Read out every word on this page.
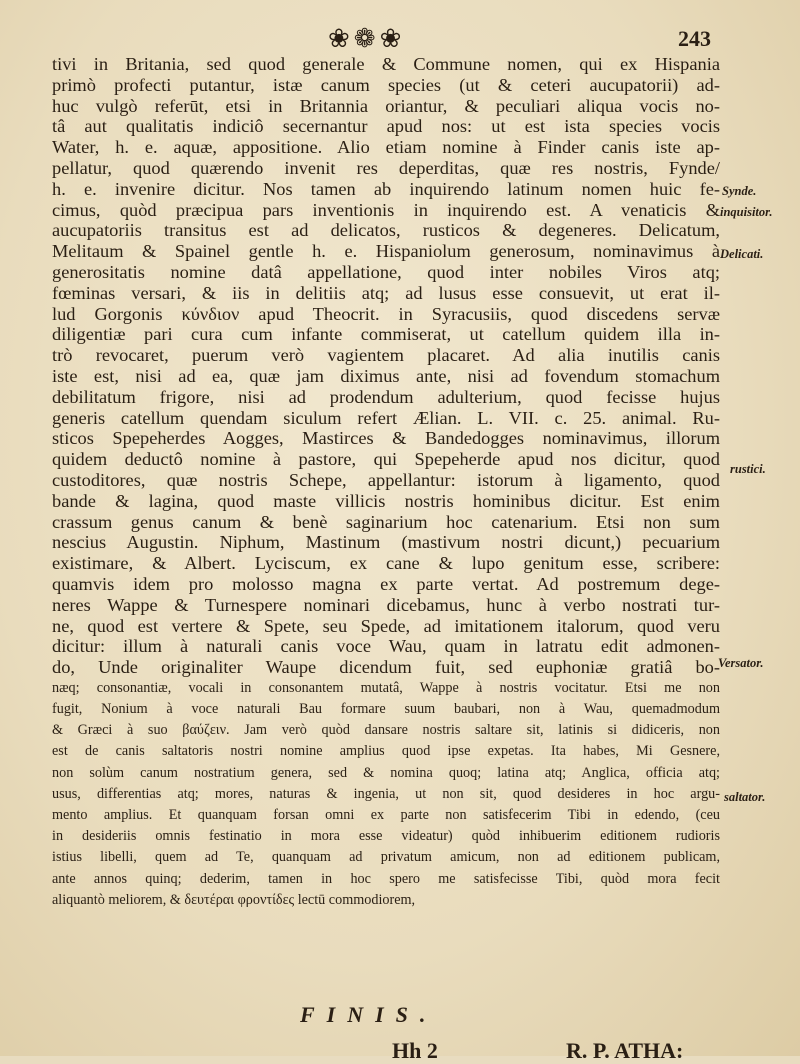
❀❁❀	243
tivi in Britania, sed quod generale & Commune nomen, qui ex Hispania
primò profecti putantur, istæ canum species (ut & ceteri aucupatorii) ad-
huc vulgò referūt, etsi in Britannia oriantur, & peculiari aliqua vocis no-
tâ aut qualitatis indiciô secernantur apud nos: ut est ista species vocis
Water, h. e. aquæ, appositione. Alio etiam nomine à Finder canis iste ap-
pellatur, quod quærendo invenit res deperditas, quæ res nostris, Fynde/
h. e. invenire dicitur. Nos tamen ab inquirendo latinum nomen huic fe-
cimus, quòd præcipua pars inventionis in inquirendo est. A venaticis &
aucupatoriis transitus est ad delicatos, rusticos & degeneres. Delicatum,
Melitaum & Spainel gentle h. e. Hispaniolum generosum, nominavimus à
generositatis nomine datâ appellatione, quod inter nobiles Viros atq;
fœminas versari, & iis in delitiis atq; ad lusus esse consuevit, ut erat il-
lud Gorgonis κύνδιον apud Theocrit. in Syracusiis, quod discedens servæ
diligentiæ pari cura cum infante commiserat, ut catellum quidem illa in-
trò revocaret, puerum verò vagientem placaret. Ad alia inutilis canis
iste est, nisi ad ea, quæ jam diximus ante, nisi ad fovendum stomachum
debilitatum frigore, nisi ad prodendum adulterium, quod fecisse hujus
generis catellum quendam siculum refert Ælian. L. VII. c. 25. animal. Ru-
sticos Spepeherdes Aogges, Mastirces & Bandedogges nominavimus, illorum
quidem deductô nomine à pastore, qui Spepeherde apud nos dicitur, quod
custoditores, quæ nostris Schepe, appellantur: istorum à ligamento, quod
bande & lagina, quod maste villicis nostris hominibus dicitur. Est enim
crassum genus canum & benè saginarium hoc catenarium. Etsi non sum
nescius Augustin. Niphum, Mastinum (mastivum nostri dicunt,) pecuarium
existimare, & Albert. Lyciscum, ex cane & lupo genitum esse, scribere:
quamvis idem pro molosso magna ex parte vertat. Ad postremum dege-
neres Wappe & Turnespere nominari dicebamus, hunc à verbo nostrati tur-
ne, quod est vertere & Spete, seu Spede, ad imitationem italorum, quod veru
dicitur: illum à naturali canis voce Wau, quam in latratu edit admonen-
do, Unde originaliter Waupe dicendum fuit, sed euphoniæ gratiâ bo-
næq; consonantiæ, vocali in consonantem mutatâ, Wappe à nostris vocitatur. Etsi me non
fugit, Nonium à voce naturali Bau formare suum baubari, non à Wau, quemadmodum
& Græci à suo βαύζειν. Jam verò quòd dansare nostris saltare sit, latinis si didiceris, non
est de canis saltatoris nostri nomine amplius quod ipse expetas. Ita habes, Mi Gesnere,
non solùm canum nostratium genera, sed & nomina quoq; latina atq; Anglica, officia atq;
usus, differentias atq; mores, naturas & ingenia, ut non sit, quod desideres in hoc argu-
mento amplius. Et quanquam forsan omni ex parte non satisfecerim Tibi in edendo, (ceu
in desideriis omnis festinatio in mora esse videatur) quòd inhibuerim editionem rudioris
istius libelli, quem ad Te, quanquam ad privatum amicum, non ad editionem publicam,
ante annos quinq; dederim, tamen in hoc spero me satisfecisse Tibi, quòd mora fecit
aliquantò meliorem, & δευτέραι φροντίδες lectū commodiorem,
Synde.
inquisitor.
Delicati.
rustici.
Versator.
saltator.
FINIS.
Hh 2	R. P. ATHA:
